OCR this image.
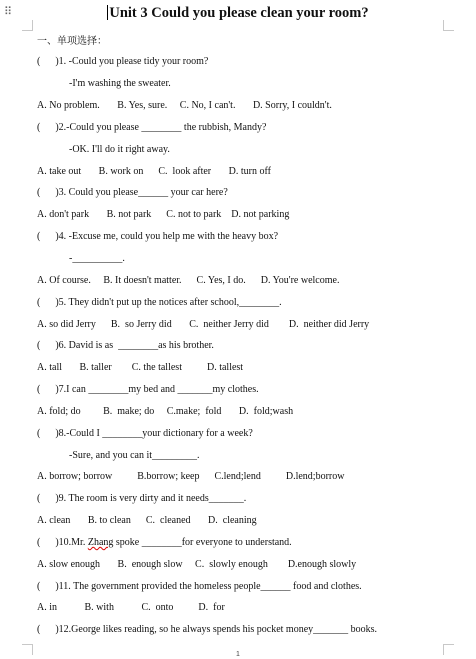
⠿	Unit 3 Could you please clean your room?
一、单项选择：
(      )1. -Could you please tidy your room?
-I'm washing the sweater.
A. No problem.       B. Yes, sure.     C. No, I can't.       D. Sorry, I couldn't.
(      )2.-Could you please ________ the rubbish, Mandy?
-OK. I'll do it right away.
A. take out       B. work on      C.  look after       D. turn off
(      )3. Could you please______ your car here?
A. don't park       B. not park      C. not to park    D. not parking
(      )4. -Excuse me, could you help me with the heavy box?
-__________.
A. Of course.     B. It doesn't matter.      C. Yes, I do.      D. You're welcome.
(      )5. They didn't put up the notices after school,________.
A. so did Jerry      B.  so Jerry did       C.  neither Jerry did        D.  neither did Jerry
(      )6. David is as  ________as his brother.
A. tall       B. taller        C. the tallest          D. tallest
(      )7.I can ________my bed and _______my clothes.
A. fold; do         B.  make; do     C.make;  fold       D.  fold;wash
(      )8.-Could I ________your dictionary for a week?
-Sure, and you can it_________.
A. borrow; borrow          B.borrow; keep      C.lend;lend          D.lend;borrow
(      )9. The room is very dirty and it needs_______.
A. clean       B. to clean      C.  cleaned       D.  cleaning
(      )10.Mr. Zhang spoke ________for everyone to understand.
A. slow enough       B.  enough slow     C.  slowly enough        D.enough slowly
(      )11. The government provided the homeless people______ food and clothes.
A. in           B. with           C.  onto          D.  for
(      )12.George likes reading, so he always spends his pocket money_______ books.
1
